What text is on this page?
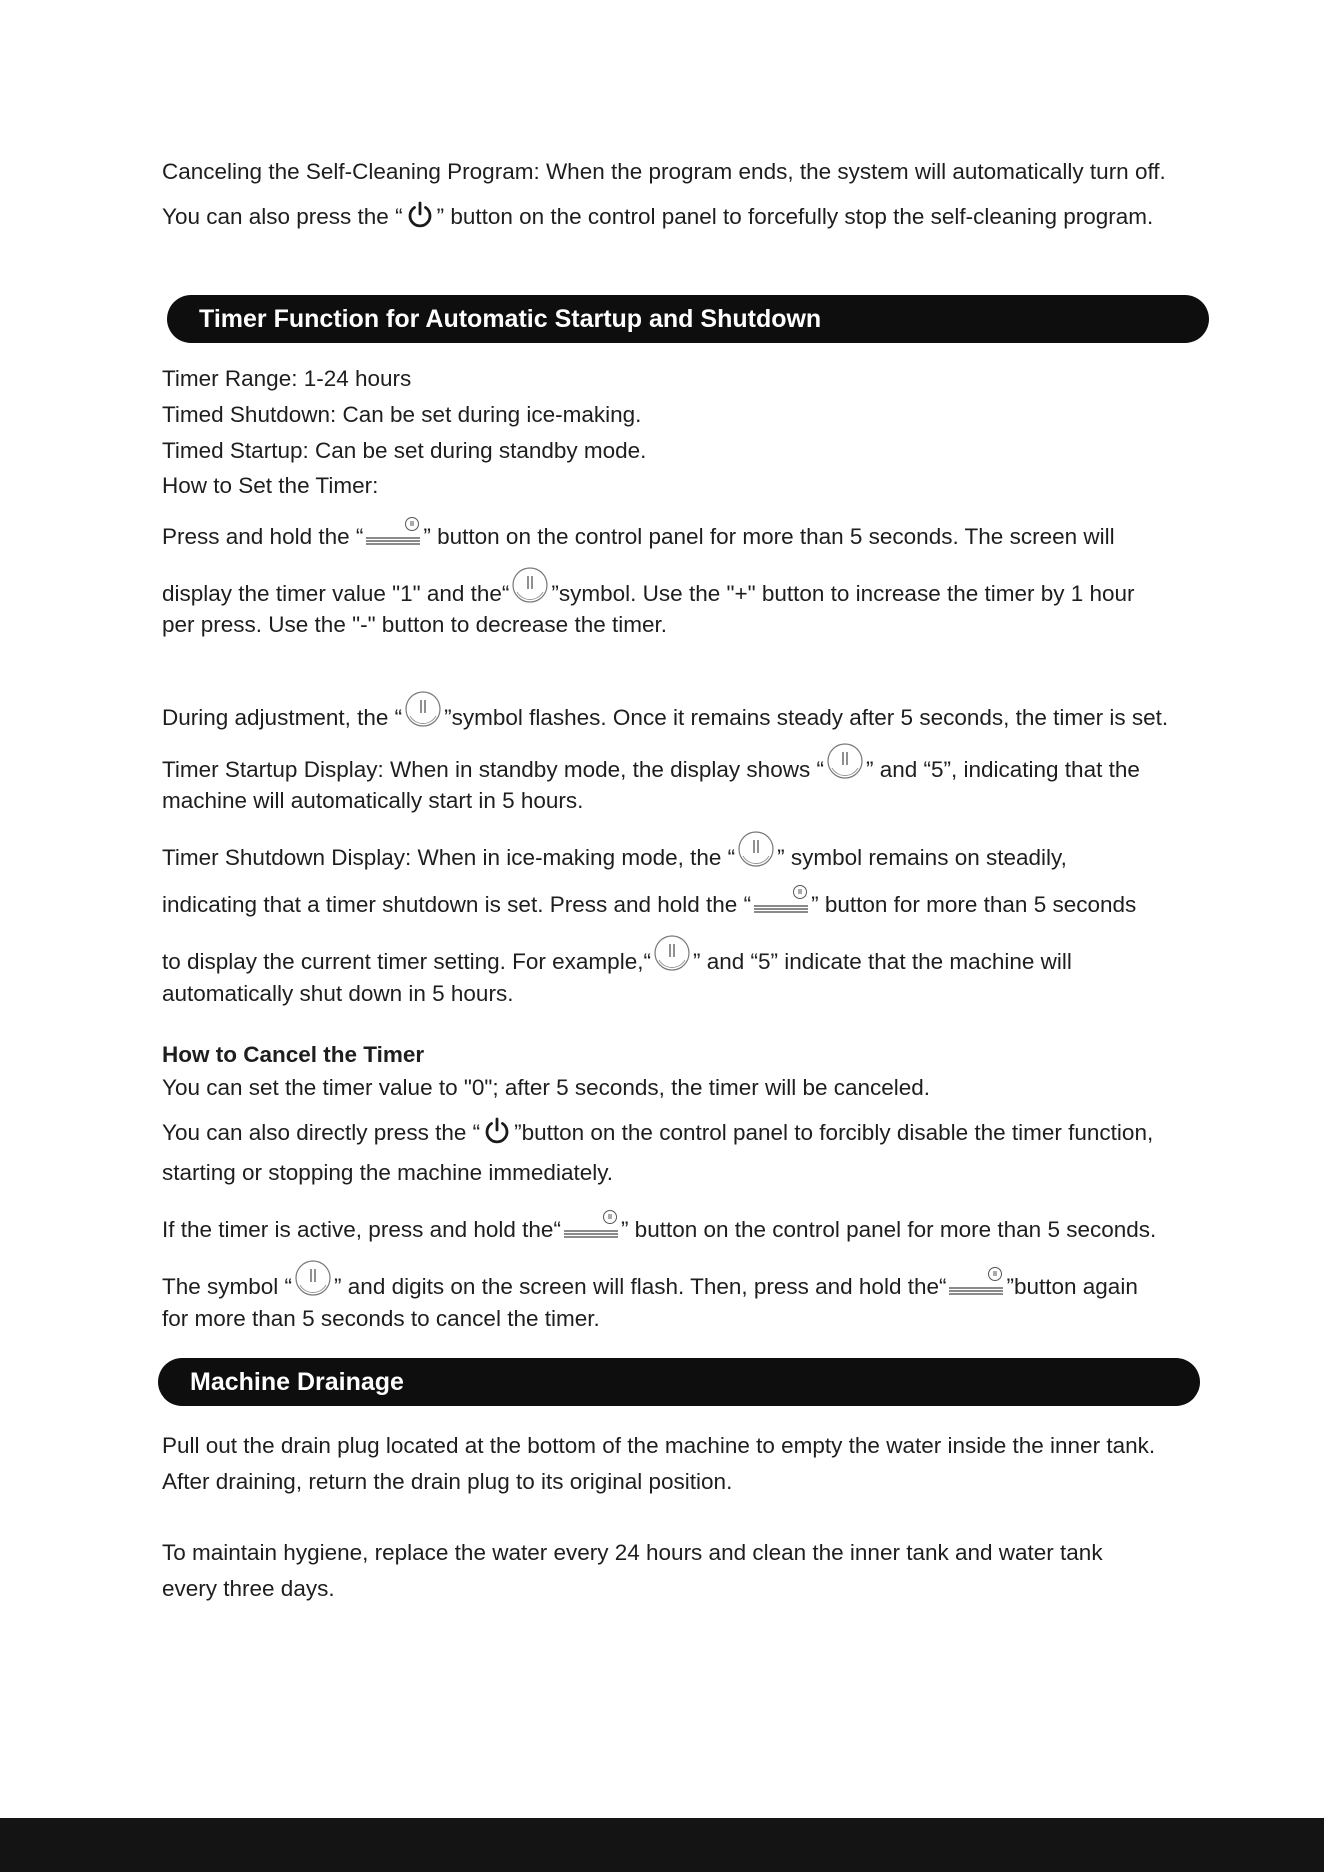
Canceling the Self-Cleaning Program: When the program ends, the system will automatically turn off.
You can also press the “ ” button on the control panel to forcefully stop the self-cleaning program.
Timer Function for Automatic Startup and Shutdown
Timer Range: 1-24 hours
Timed Shutdown: Can be set during ice-making.
Timed Startup: Can be set during standby mode.
How to Set the Timer:
Press and hold the “	” button on the control panel for more than 5 seconds. The screen will
display the timer value "1" and the“ ”symbol. Use the "+" button to increase the timer by 1 hour
per press. Use the "-" button to decrease the timer.
During adjustment, the “ ”symbol flashes. Once it remains steady after 5 seconds, the timer is set.
Timer Startup Display: When in standby mode, the display shows “ ” and “5”, indicating that the
machine will automatically start in 5 hours.
Timer Shutdown Display: When in ice-making mode, the “ ” symbol remains on steadily,
indicating that a timer shutdown is set. Press and hold the “	” button for more than 5 seconds
to display the current timer setting. For example,“ ” and “5” indicate that the machine will
automatically shut down in 5 hours.
How to Cancel the Timer
You can set the timer value to "0"; after 5 seconds, the timer will be canceled.
You can also directly press the “ ”button on the control panel to forcibly disable the timer function,
starting or stopping the machine immediately.
If the timer is active, press and hold the“	” button on the control panel for more than 5 seconds.
The symbol “ ” and digits on the screen will flash. Then, press and hold the“	”button again
for more than 5 seconds to cancel the timer.
Machine Drainage
Pull out the drain plug located at the bottom of the machine to empty the water inside the inner tank.
After draining, return the drain plug to its original position.
To maintain hygiene, replace the water every 24 hours and clean the inner tank and water tank
every three days.
